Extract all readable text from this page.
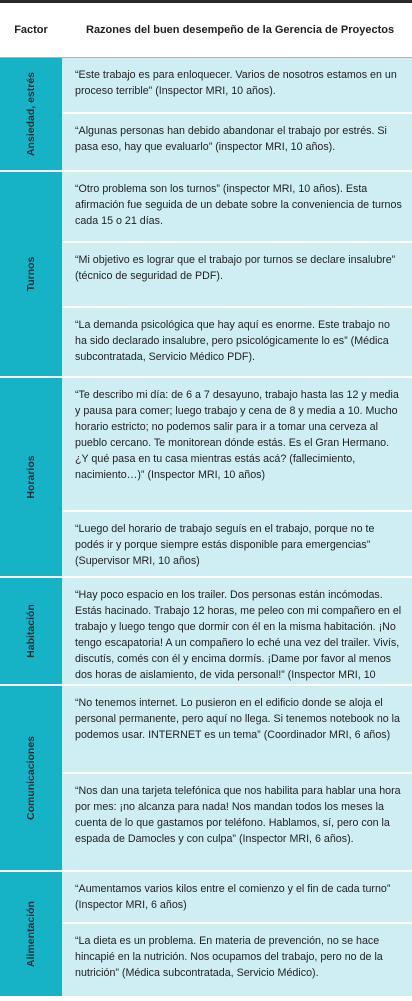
Factor	Razones del buen desempeño de la Gerencia de Proyectos
Ansiedad, estrés	“Este trabajo es para enloquecer. Varios de nosotros estamos en un proceso terrible” (Inspector MRI, 10 años).
“Algunas personas han debido abandonar el trabajo por estrés. Si pasa eso, hay que evaluarlo” (inspector MRI, 10 años).
Turnos
“Otro problema son los turnos” (inspector MRI, 10 años). Esta afirmación fue seguida de un debate sobre la conveniencia de turnos cada 15 o 21 días.
“Mi objetivo es lograr que el trabajo por turnos se declare insalubre” (técnico de seguridad de PDF).
“La demanda psicológica que hay aquí es enorme. Este trabajo no ha sido declarado insalubre, pero psicológicamente lo es” (Médica subcontratada, Servicio Médico PDF).
Horarios
“Te describo mi día: de 6 a 7 desayuno, trabajo hasta las 12 y media y pausa para comer; luego trabajo y cena de 8 y media a 10. Mucho horario estricto; no podemos salir para ir a tomar una cerveza al pueblo cercano. Te monitorean dónde estás. Es el Gran Hermano. ¿Y qué pasa en tu casa mientras estás acá? (fallecimiento, nacimiento…)” (Inspector MRI, 10 años)
“Luego del horario de trabajo seguís en el trabajo, porque no te podés ir y porque siempre estás disponible para emergencias” (Supervisor MRI, 10 años)
Habitación
“Hay poco espacio en los trailer. Dos personas están incómodas. Estás hacinado. Trabajo 12 horas, me peleo con mi compañero en el trabajo y luego tengo que dormir con él en la misma habitación. ¡No tengo escapatoria! A un compañero lo eché una vez del trailer. Vivís, discutís, comés con él y encima dormís. ¡Dame por favor al menos dos horas de aislamiento, de vida personal!” (Inspector MRI, 10
Comunicaciones
“No tenemos internet. Lo pusieron en el edificio donde se aloja el personal permanente, pero aquí no llega. Si tenemos notebook no la podemos usar. INTERNET es un tema” (Coordinador MRI, 6 años)
“Nos dan una tarjeta telefónica que nos habilita para hablar una hora por mes: ¡no alcanza para nada! Nos mandan todos los meses la cuenta de lo que gastamos por teléfono. Hablamos, sí, pero con la espada de Damocles y con culpa” (Inspector MRI, 6 años).
Alimentación
“Aumentamos varios kilos entre el comienzo y el fin de cada turno” (Inspector MRI, 6 años)
“La dieta es un problema. En materia de prevención, no se hace hincapié en la nutrición. Nos ocupamos del trabajo, pero no de la nutrición” (Médica subcontratada, Servicio Médico).
